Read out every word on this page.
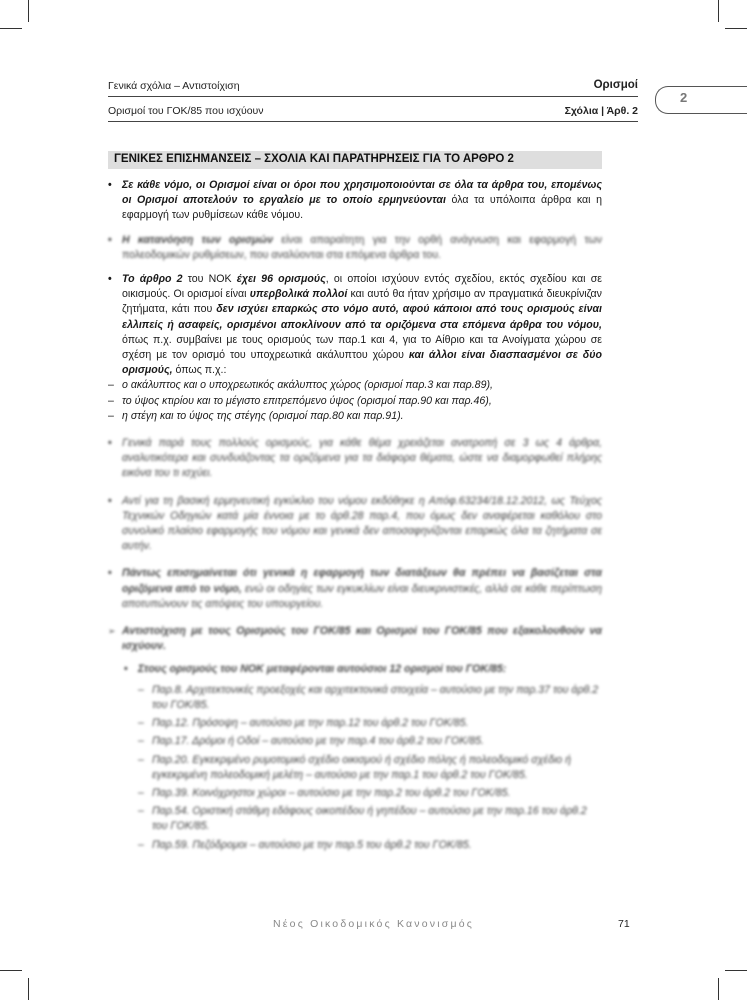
Γενικά σχόλια – Αντιστοίχιση	Ορισμοί
Ορισμοί του ΓΟΚ/85 που ισχύουν	Σχόλια | Άρθ. 2
2
ΓΕΝΙΚΕΣ ΕΠΙΣΗΜΑΝΣΕΙΣ – ΣΧΟΛΙΑ ΚΑΙ ΠΑΡΑΤΗΡΗΣΕΙΣ ΓΙΑ ΤΟ ΑΡΘΡΟ 2
• Σε κάθε νόμο, οι Ορισμοί είναι οι όροι που χρησιμοποιούνται σε όλα τα άρθρα του, επομένως οι Ορισμοί αποτελούν το εργαλείο με το οποίο ερμηνεύονται όλα τα υπόλοιπα άρθρα και η εφαρμογή των ρυθμίσεων κάθε νόμου.
• Η κατανόηση των ορισμών είναι απαραίτητη για την ορθή ανάγνωση και εφαρμογή των πολεοδομικών ρυθμίσεων, που αναλύονται στα επόμενα άρθρα του.
• Το άρθρο 2 του ΝΟΚ έχει 96 ορισμούς, οι οποίοι ισχύουν εντός σχεδίου, εκτός σχεδίου και σε οικισμούς. Οι ορισμοί είναι υπερβολικά πολλοί και αυτό θα ήταν χρήσιμο αν πραγματικά διευκρίνιζαν ζητήματα, κάτι που δεν ισχύει επαρκώς στο νόμο αυτό, αφού κάποιοι από τους ορισμούς είναι ελλιπείς ή ασαφείς, ορισμένοι αποκλίνουν από τα οριζόμενα στα επόμενα άρθρα του νόμου, όπως π.χ. συμβαίνει με τους ορισμούς των παρ.1 και 4, για το Αίθριο και τα Ανοίγματα χώρου σε σχέση με τον ορισμό του υποχρεωτικά ακάλυπτου χώρου και άλλοι είναι διασπασμένοι σε δύο ορισμούς, όπως π.χ.:
– ο ακάλυπτος και ο υποχρεωτικός ακάλυπτος χώρος (ορισμοί παρ.3 και παρ.89),
– το ύψος κτιρίου και το μέγιστο επιτρεπόμενο ύψος (ορισμοί παρ.90 και παρ.46),
– η στέγη και το ύψος της στέγης (ορισμοί παρ.80 και παρ.91).
• Γενικά παρά τους πολλούς ορισμούς, για κάθε θέμα χρειάζεται ανατροπή σε 3 ως 4 άρθρα, αναλυτικότερα και συνδυάζοντας τα οριζόμενα για τα διάφορα θέματα, ώστε να διαμορφωθεί πλήρης εικόνα του τι ισχύει.
• Αντί για τη βασική ερμηνευτική εγκύκλιο του νόμου εκδόθηκε η Απόφ.63234/18.12.2012, ως Τεύχος Τεχνικών Οδηγιών κατά μία έννοια με το άρθ.28 παρ.4, που όμως δεν αναφέρεται καθόλου στο συνολικό πλαίσιο εφαρμογής του νόμου και γενικά δεν αποσαφηνίζονται επαρκώς όλα τα ζητήματα σε αυτήν.
• Πάντως επισημαίνεται ότι γενικά η εφαρμογή των διατάξεων θα πρέπει να βασίζεται στα οριζόμενα από το νόμο, ενώ οι οδηγίες των εγκυκλίων είναι διευκρινιστικές, αλλά σε κάθε περίπτωση αποτυπώνουν τις απόψεις του υπουργείου.
➢ Αντιστοίχιση με τους Ορισμούς του ΓΟΚ/85 και Ορισμοί του ΓΟΚ/85 που εξακολουθούν να ισχύουν.
• Στους ορισμούς του ΝΟΚ μεταφέρονται αυτούσιοι 12 ορισμοί του ΓΟΚ/85:
– Παρ.8. Αρχιτεκτονικές προεξοχές και αρχιτεκτονικά στοιχεία – αυτούσιο με την παρ.37 του άρθ.2 του ΓΟΚ/85.
– Παρ.12. Πρόσοψη – αυτούσιο με την παρ.12 του άρθ.2 του ΓΟΚ/85.
– Παρ.17. Δρόμοι ή Οδοί – αυτούσιο με την παρ.4 του άρθ.2 του ΓΟΚ/85.
– Παρ.20. Εγκεκριμένο ρυμοτομικό σχέδιο οικισμού ή σχέδιο πόλης ή πολεοδομικό σχέδιο ή εγκεκριμένη πολεοδομική μελέτη – αυτούσιο με την παρ.1 του άρθ.2 του ΓΟΚ/85.
– Παρ.39. Κοινόχρηστοι χώροι – αυτούσιο με την παρ.2 του άρθ.2 του ΓΟΚ/85.
– Παρ.54. Οριστική στάθμη εδάφους οικοπέδου ή γηπέδου – αυτούσιο με την παρ.16 του άρθ.2 του ΓΟΚ/85.
– Παρ.59. Πεζόδρομοι – αυτούσιο με την παρ.5 του άρθ.2 του ΓΟΚ/85.
Νέος Οικοδομικός Κανονισμός	71
